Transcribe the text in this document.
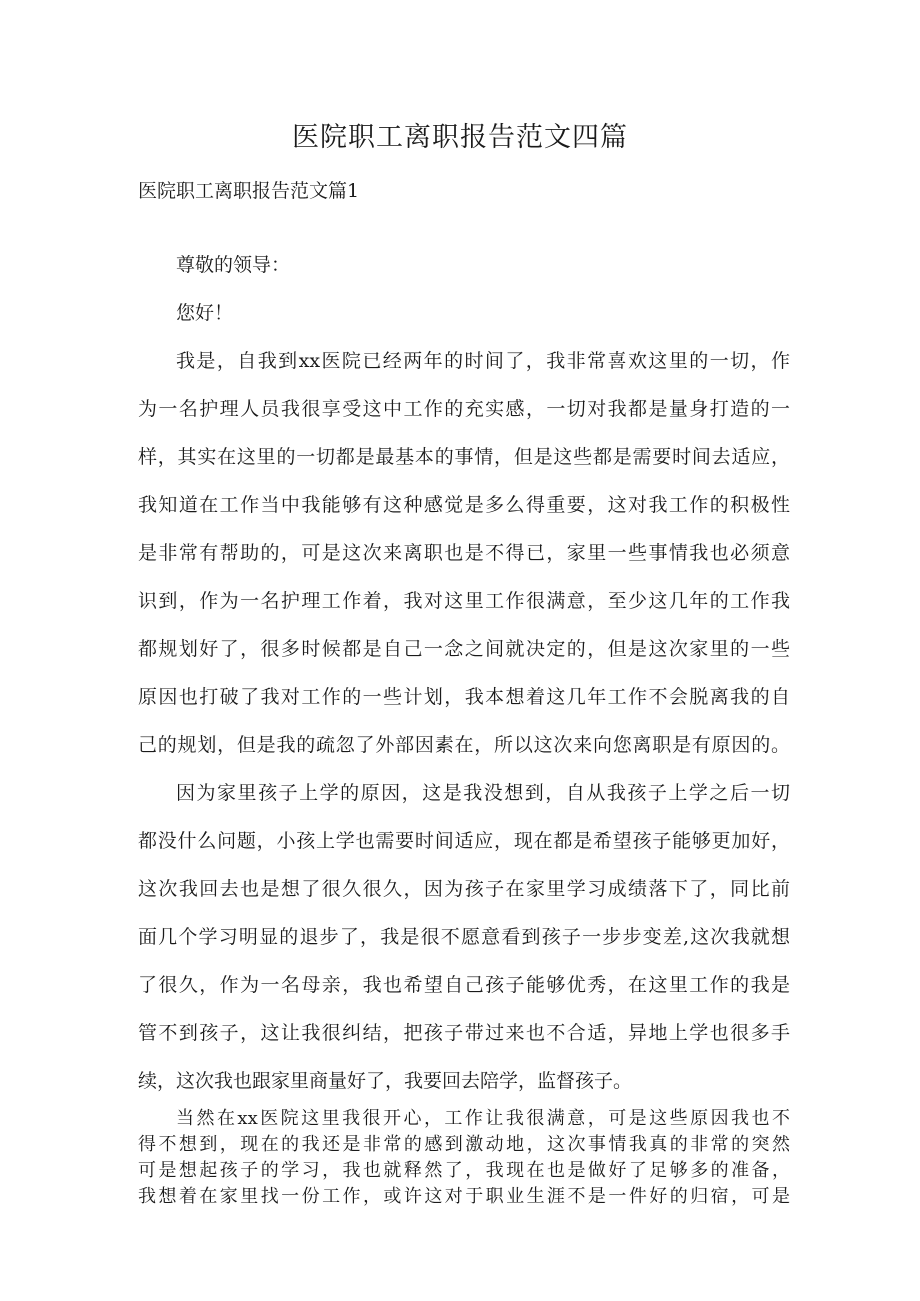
医院职工离职报告范文四篇
医院职工离职报告范文篇1
尊敬的领导：
您好！
我是，自我到xx医院已经两年的时间了，我非常喜欢这里的一切，作
为一名护理人员我很享受这中工作的充实感，一切对我都是量身打造的一
样，其实在这里的一切都是最基本的事情，但是这些都是需要时间去适应，
我知道在工作当中我能够有这种感觉是多么得重要，这对我工作的积极性
是非常有帮助的，可是这次来离职也是不得已，家里一些事情我也必须意
识到，作为一名护理工作着，我对这里工作很满意，至少这几年的工作我
都规划好了，很多时候都是自己一念之间就决定的，但是这次家里的一些
原因也打破了我对工作的一些计划，我本想着这几年工作不会脱离我的自
己的规划，但是我的疏忽了外部因素在，所以这次来向您离职是有原因的。
因为家里孩子上学的原因，这是我没想到，自从我孩子上学之后一切
都没什么问题，小孩上学也需要时间适应，现在都是希望孩子能够更加好，
这次我回去也是想了很久很久，因为孩子在家里学习成绩落下了，同比前
面几个学习明显的退步了，我是很不愿意看到孩子一步步变差,这次我就想
了很久，作为一名母亲，我也希望自己孩子能够优秀，在这里工作的我是
管不到孩子，这让我很纠结，把孩子带过来也不合适，异地上学也很多手
续，这次我也跟家里商量好了，我要回去陪学，监督孩子。
当然在xx医院这里我很开心，工作让我很满意，可是这些原因我也不
得不想到，现在的我还是非常的感到激动地，这次事情我真的非常的突然
可是想起孩子的学习，我也就释然了，我现在也是做好了足够多的准备，
我想着在家里找一份工作，或许这对于职业生涯不是一件好的归宿，可是
